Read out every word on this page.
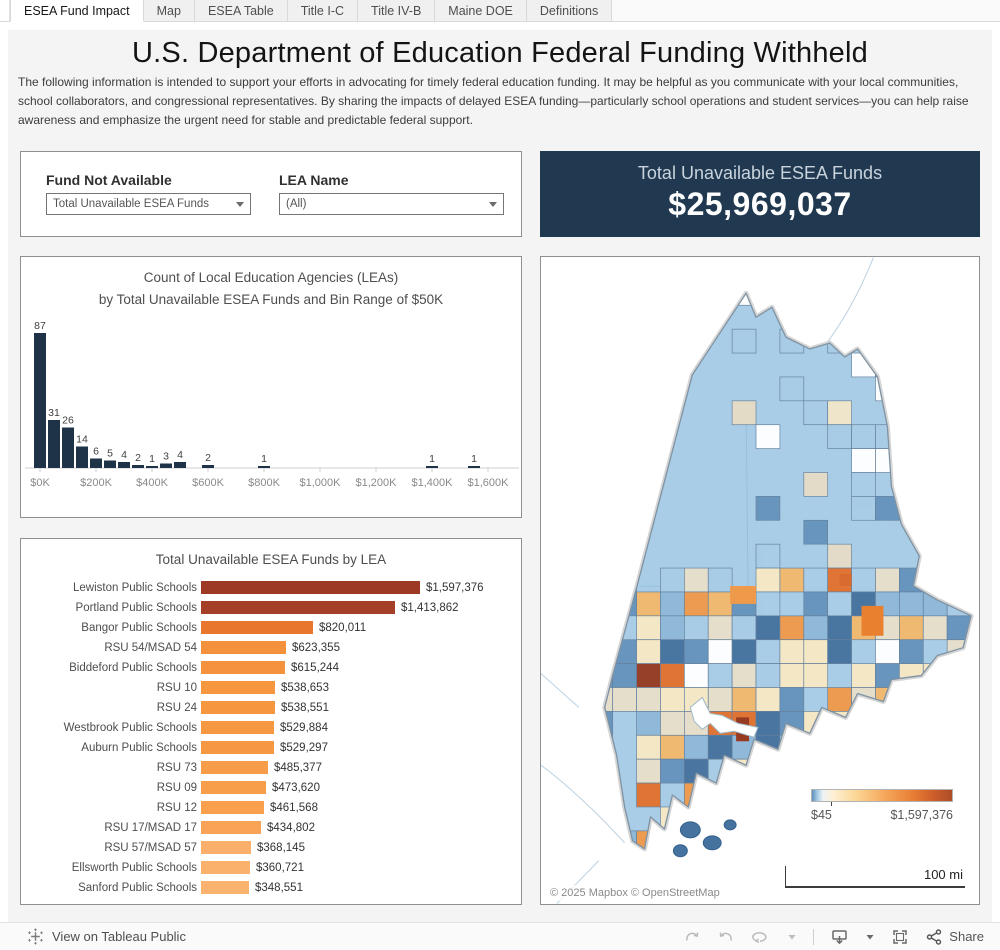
ESEA Fund Impact	Map	ESEA Table	Title I-C	Title IV-B	Maine DOE	Definitions
U.S. Department of Education Federal Funding Withheld
The following information is intended to support your efforts in advocating for timely federal education funding. It may be helpful as you communicate with your local communities, school collaborators, and congressional representatives. By sharing the impacts of delayed ESEA funding—particularly school operations and student services—you can help raise awareness and emphasize the urgent need for stable and predictable federal support.
Fund Not Available
Total Unavailable ESEA Funds
LEA Name
(All)
Total Unavailable ESEA Funds
$25,969,037
Count of Local Education Agencies (LEAs)
by Total Unavailable ESEA Funds and Bin Range of $50K
$0K	$200K $400K $600K $800K $1,000K $1,200K $1,400K $1,600K
87
31
26
14
6 5 4 2 1 3 4 2	1	1	1
Total Unavailable ESEA Funds by LEA
Lewiston Public Schools	$1,597,376
Portland Public Schools	$1,413,862
Bangor Public Schools	$820,011
RSU 54/MSAD 54	$623,355
Biddeford Public Schools	$615,244
RSU 10	$538,653
RSU 24	$538,551
Westbrook Public Schools	$529,884
Auburn Public Schools	$529,297
RSU 73	$485,377
RSU 09	$473,620
RSU 12	$461,568
RSU 17/MSAD 17	$434,802
RSU 57/MSAD 57	$368,145
Ellsworth Public Schools	$360,721
Sanford Public Schools	$348,551
$45	$1,597,376
100 mi
© 2025 Mapbox © OpenStreetMap
View on Tableau Public	Share
